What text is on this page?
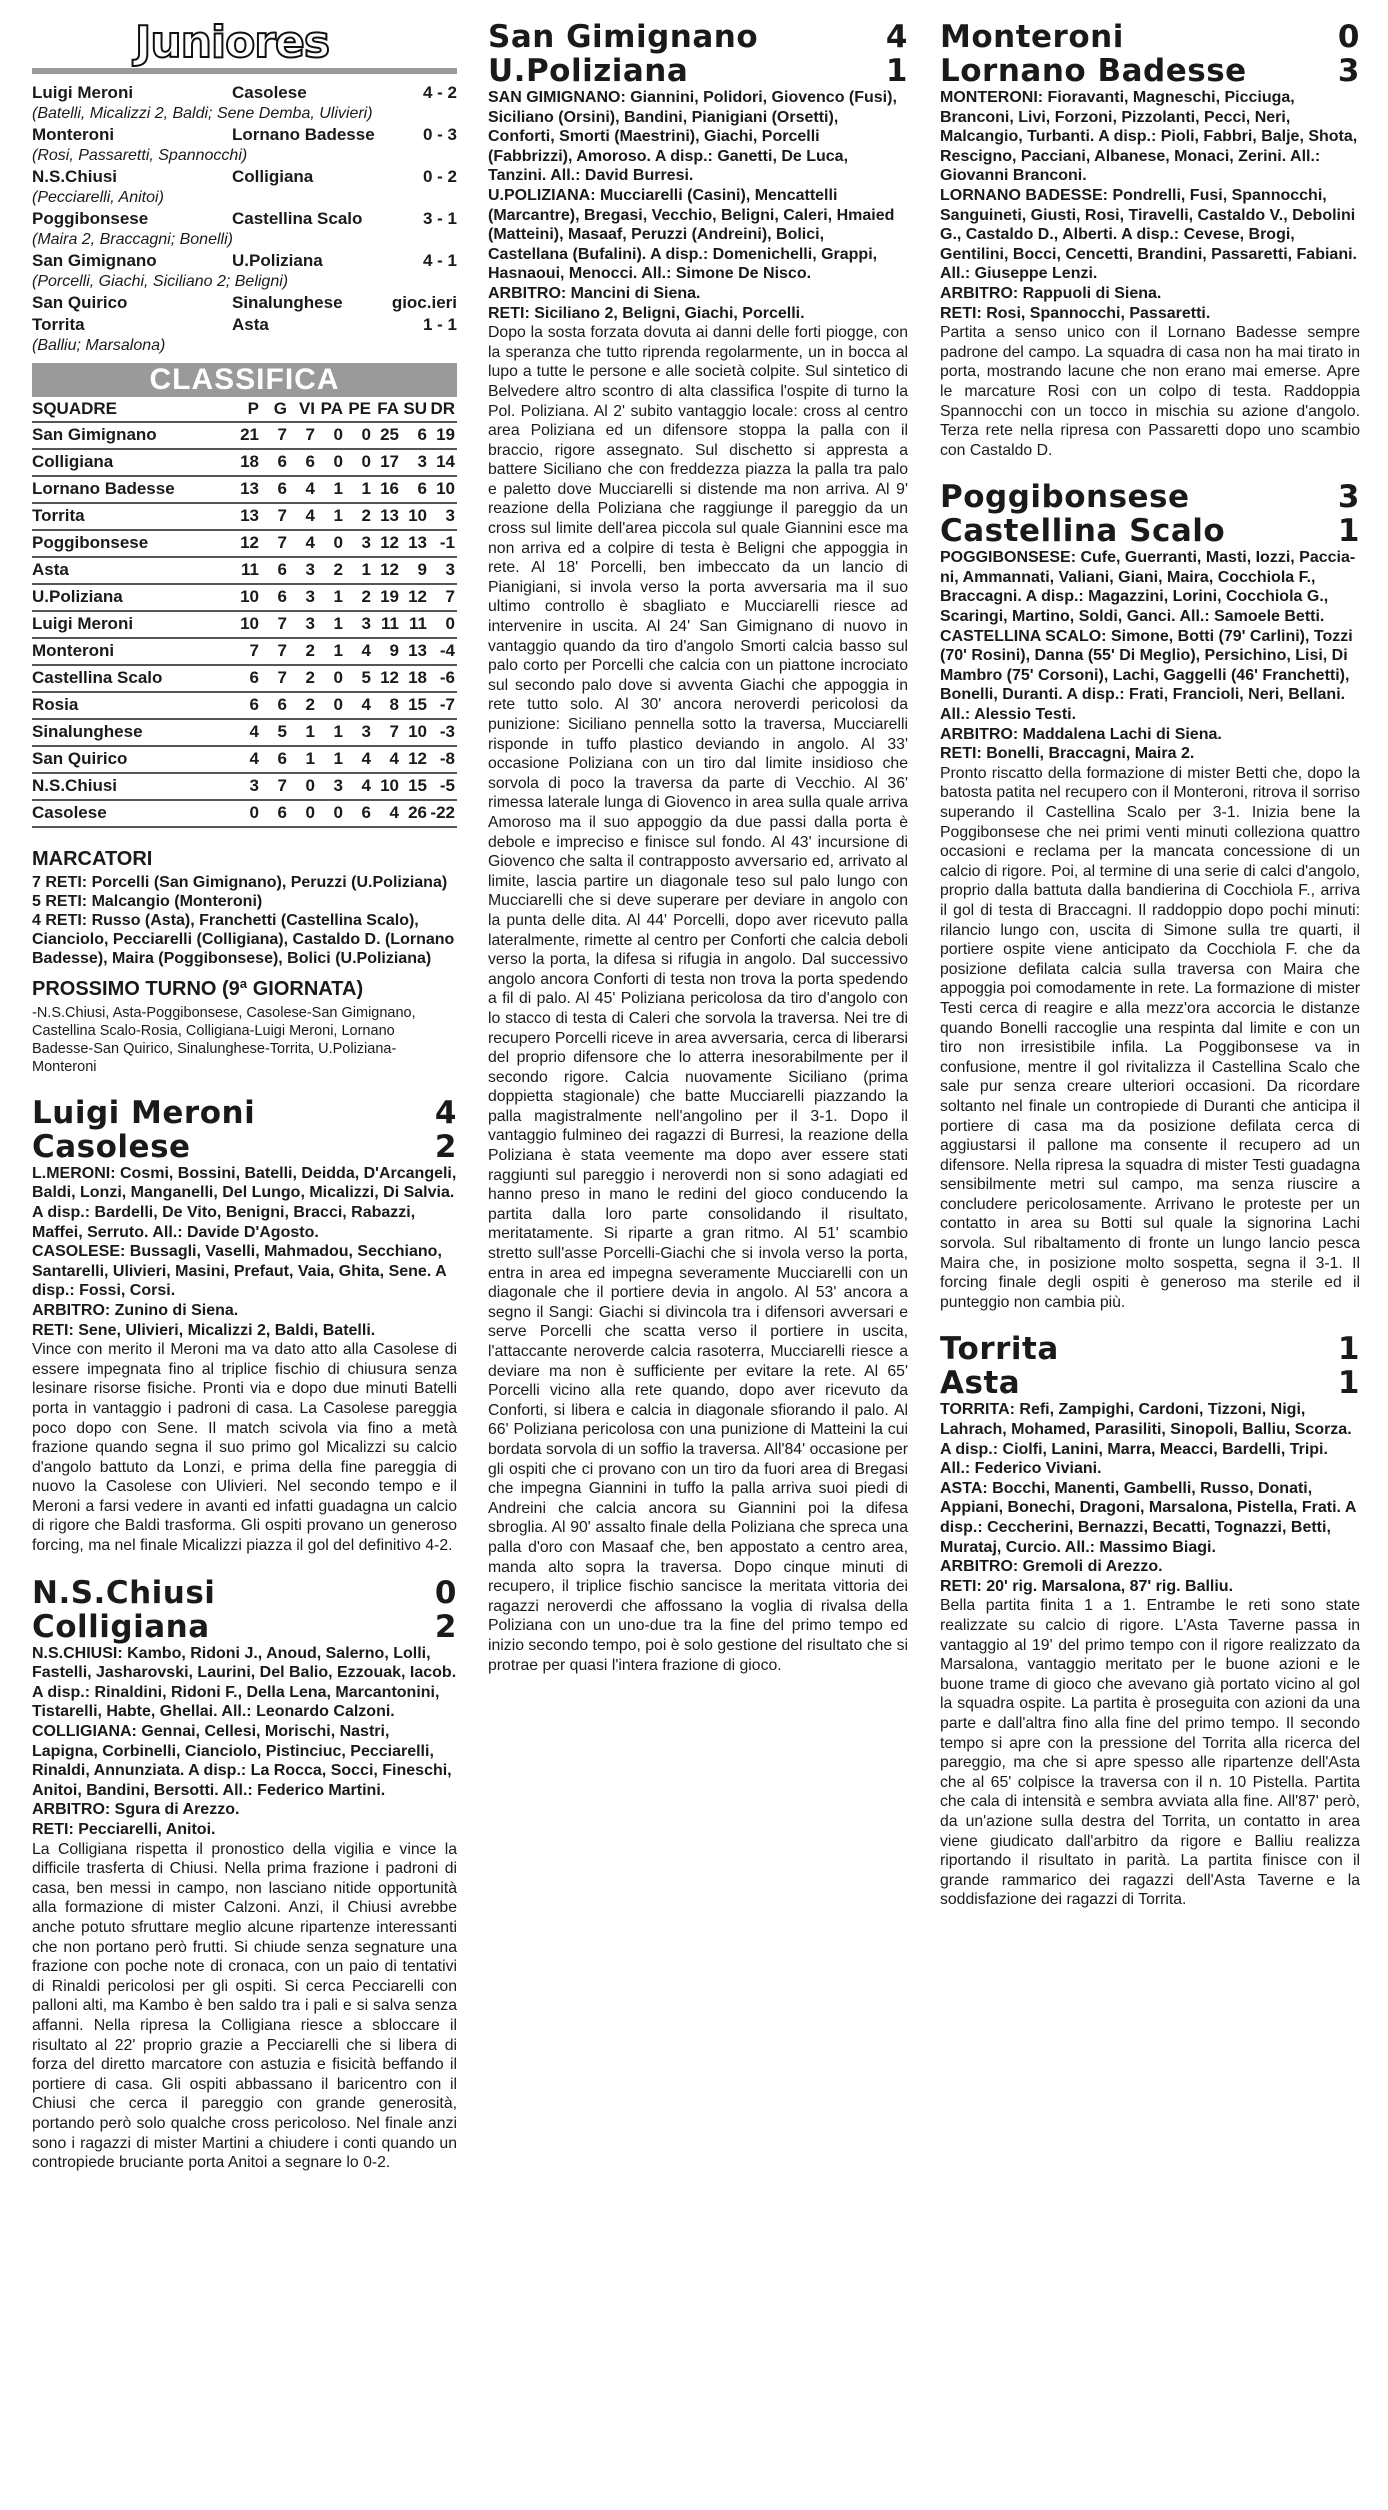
Juniores
Luigi Meroni	Casolese	4 - 2
(Batelli, Micalizzi 2, Baldi; Sene Demba, Ulivieri)
Monteroni	Lornano Badesse	0 - 3
(Rosi, Passaretti, Spannocchi)
N.S.Chiusi	Colligiana	0 - 2
(Pecciarelli, Anitoi)
Poggibonsese	Castellina Scalo	3 - 1
(Maira 2, Braccagni; Bonelli)
San Gimignano	U.Poliziana	4 - 1
(Porcelli, Giachi, Siciliano 2; Beligni)
San Quirico	Sinalunghese	gioc.ieri
Torrita	Asta	1 - 1
(Balliu; Marsalona)
CLASSIFICA
SQUADRE	P	G	VI	PA	PE	FA	SU	DR
San Gimignano	21	7	7	0	0	25	6	19
Colligiana	18	6	6	0	0	17	3	14
Lornano Badesse	13	6	4	1	1	16	6	10
Torrita	13	7	4	1	2	13	10	3
Poggibonsese	12	7	4	0	3	12	13	-1
Asta	11	6	3	2	1	12	9	3
U.Poliziana	10	6	3	1	2	19	12	7
Luigi Meroni	10	7	3	1	3	11	11	0
Monteroni	7	7	2	1	4	9	13	-4
Castellina Scalo	6	7	2	0	5	12	18	-6
Rosia	6	6	2	0	4	8	15	-7
Sinalunghese	4	5	1	1	3	7	10	-3
San Quirico	4	6	1	1	4	4	12	-8
N.S.Chiusi	3	7	0	3	4	10	15	-5
Casolese	0	6	0	0	6	4	26	-22
MARCATORI
7 RETI: Porcelli (San Gimignano), Peruzzi (U.Poliziana)
5 RETI: Malcangio (Monteroni)
4 RETI: Russo (Asta), Franchetti (Castellina Scalo), Cianciolo, Pecciarelli (Colligiana), Castaldo D. (Lornano Badesse), Maira (Poggibonsese), Bolici (U.Poliziana)
PROSSIMO TURNO (9ª GIORNATA)
-N.S.Chiusi, Asta-Poggibonsese, Casolese-San Gimignano, Castellina Scalo-Rosia, Colligiana-Luigi Meroni, Lornano Badesse-San Quirico, Sinalunghese-Torrita, U.Poliziana-Monteroni
Luigi Meroni	4
Casolese	2
L.MERONI: Cosmi, Bossini, Batelli, Deidda, D'Arcangeli, Baldi, Lonzi, Manganelli, Del Lungo, Micalizzi, Di Salvia. A disp.: Bardelli, De Vito, Benigni, Bracci, Rabazzi, Maffei, Serruto. All.: Davide D'Agosto.
CASOLESE: Bussagli, Vaselli, Mahmadou, Secchiano, Santarelli, Ulivieri, Masini, Prefaut, Vaia, Ghita, Sene. A disp.: Fossi, Corsi.
ARBITRO: Zunino di Siena.
RETI: Sene, Ulivieri, Micalizzi 2, Baldi, Batelli.
Vince con merito il Meroni ma va dato atto alla Casolese di essere impegnata fino al triplice fischio di chiusura senza lesinare risorse fisiche. Pronti via e dopo due minuti Batelli porta in vantaggio i padroni di casa. La Casolese pareggia poco dopo con Sene. Il match scivola via fino a metà frazione quando segna il suo primo gol Micalizzi su calcio d'angolo battuto da Lonzi, e prima della fine pareggia di nuovo la Casolese con Ulivieri. Nel secondo tempo e il Meroni a farsi vedere in avanti ed infatti guadagna un calcio di rigore che Baldi trasforma. Gli ospiti provano un generoso forcing, ma nel finale Micalizzi piazza il gol del definitivo 4-2.
N.S.Chiusi	0
Colligiana	2
N.S.CHIUSI: Kambo, Ridoni J., Anoud, Salerno, Lolli, Fastelli, Jasharovski, Laurini, Del Balio, Ezzouak, Iacob. A disp.: Rinaldini, Ridoni F., Della Lena, Marcantonini, Tistarelli, Habte, Ghellai. All.: Leonardo Calzoni.
COLLIGIANA: Gennai, Cellesi, Morischi, Nastri, Lapigna, Corbinelli, Cianciolo, Pistinciuc, Pecciarelli, Rinaldi, Annunziata. A disp.: La Rocca, Socci, Fineschi, Anitoi, Bandini, Bersotti. All.: Federico Martini.
ARBITRO: Sgura di Arezzo.
RETI: Pecciarelli, Anitoi.
La Colligiana rispetta il pronostico della vigilia e vince la difficile trasferta di Chiusi. Nella prima frazione i padroni di casa, ben messi in campo, non lasciano nitide opportunità alla formazione di mister Calzoni. Anzi, il Chiusi avrebbe anche potuto sfruttare meglio alcune ripartenze interessanti che non portano però frutti. Si chiude senza segnature una frazione con poche note di cronaca, con un paio di tentativi di Rinaldi pericolosi per gli ospiti. Si cerca Pecciarelli con palloni alti, ma Kambo è ben saldo tra i pali e si salva senza affanni. Nella ripresa la Colligiana riesce a sbloccare il risultato al 22' proprio grazie a Pecciarelli che si libera di forza del diretto marcatore con astuzia e fisicità beffando il portiere di casa. Gli ospiti abbassano il baricentro con il Chiusi che cerca il pareggio con grande generosità, portando però solo qualche cross pericoloso. Nel finale anzi sono i ragazzi di mister Martini a chiudere i conti quando un contropiede bruciante porta Anitoi a segnare lo 0-2.
San Gimignano	4
U.Poliziana	1
SAN GIMIGNANO: Giannini, Polidori, Giovenco (Fusi), Siciliano (Orsini), Bandini, Pianigiani (Orsetti), Conforti, Smorti (Maestrini), Giachi, Porcelli (Fabbrizzi), Amoroso. A disp.: Ganetti, De Luca, Tanzini. All.: David Burresi.
U.POLIZIANA: Mucciarelli (Casini), Mencattelli (Marcantre), Bregasi, Vecchio, Beligni, Caleri, Hmaied (Matteini), Masaaf, Peruzzi (Andreini), Bolici, Castellana (Bufalini). A disp.: Domenichelli, Grappi, Hasnaoui, Menocci. All.: Simone De Nisco.
ARBITRO: Mancini di Siena.
RETI: Siciliano 2, Beligni, Giachi, Porcelli.
Dopo la sosta forzata dovuta ai danni delle forti piogge, con la speranza che tutto riprenda regolarmente, un in bocca al lupo a tutte le persone e alle società colpite. Sul sintetico di Belvedere altro scontro di alta classifica l'ospite di turno la Pol. Poliziana. Al 2' subito vantaggio locale: cross al centro area Poliziana ed un difensore stoppa la palla con il braccio, rigore assegnato. Sul dischetto si appresta a battere Siciliano che con freddezza piazza la palla tra palo e paletto dove Mucciarelli si distende ma non arriva. Al 9' reazione della Poliziana che raggiunge il pareggio da un cross sul limite dell'area piccola sul quale Giannini esce ma non arriva ed a colpire di testa è Beligni che appoggia in rete. Al 18' Porcelli, ben imbeccato da un lancio di Pianigiani, si invola verso la porta avversaria ma il suo ultimo controllo è sbagliato e Mucciarelli riesce ad intervenire in uscita. Al 24' San Gimignano di nuovo in vantaggio quando da tiro d'angolo Smorti calcia basso sul palo corto per Porcelli che calcia con un piattone incrociato sul secondo palo dove si avventa Giachi che appoggia in rete tutto solo. Al 30' ancora neroverdi pericolosi da punizione: Siciliano pennella sotto la traversa, Mucciarelli risponde in tuffo plastico deviando in angolo. Al 33' occasione Poliziana con un tiro dal limite insidioso che sorvola di poco la traversa da parte di Vecchio. Al 36' rimessa laterale lunga di Giovenco in area sulla quale arriva Amoroso ma il suo appoggio da due passi dalla porta è debole e impreciso e finisce sul fondo. Al 43' incursione di Giovenco che salta il contrapposto avversario ed, arrivato al limite, lascia partire un diagonale teso sul palo lungo con Mucciarelli che si deve superare per deviare in angolo con la punta delle dita. Al 44' Porcelli, dopo aver ricevuto palla lateralmente, rimette al centro per Conforti che calcia deboli verso la porta, la difesa si rifugia in angolo. Dal successivo angolo ancora Conforti di testa non trova la porta spedendo a fil di palo. Al 45' Poliziana pericolosa da tiro d'angolo con lo stacco di testa di Caleri che sorvola la traversa. Nei tre di recupero Porcelli riceve in area avversaria, cerca di liberarsi del proprio difensore che lo atterra inesorabilmente per il secondo rigore. Calcia nuovamente Siciliano (prima doppietta stagionale) che batte Mucciarelli piazzando la palla magistralmente nell'angolino per il 3-1. Dopo il vantaggio fulmineo dei ragazzi di Burresi, la reazione della Poliziana è stata veemente ma dopo aver essere stati raggiunti sul pareggio i neroverdi non si sono adagiati ed hanno preso in mano le redini del gioco conducendo la partita dalla loro parte consolidando il risultato, meritatamente. Si riparte a gran ritmo. Al 51' scambio stretto sull'asse Porcelli-Giachi che si invola verso la porta, entra in area ed impegna severamente Mucciarelli con un diagonale che il portiere devia in angolo. Al 53' ancora a segno il Sangi: Giachi si divincola tra i difensori avversari e serve Porcelli che scatta verso il portiere in uscita, l'attaccante neroverde calcia rasoterra, Mucciarelli riesce a deviare ma non è sufficiente per evitare la rete. Al 65' Porcelli vicino alla rete quando, dopo aver ricevuto da Conforti, si libera e calcia in diagonale sfiorando il palo. Al 66' Poliziana pericolosa con una punizione di Matteini la cui bordata sorvola di un soffio la traversa. All'84' occasione per gli ospiti che ci provano con un tiro da fuori area di Bregasi che impegna Giannini in tuffo la palla arriva suoi piedi di Andreini che calcia ancora su Giannini poi la difesa sbroglia. Al 90' assalto finale della Poliziana che spreca una palla d'oro con Masaaf che, ben appostato a centro area, manda alto sopra la traversa. Dopo cinque minuti di recupero, il triplice fischio sancisce la meritata vittoria dei ragazzi neroverdi che affossano la voglia di rivalsa della Poliziana con un uno-due tra la fine del primo tempo ed inizio secondo tempo, poi è solo gestione del risultato che si protrae per quasi l'intera frazione di gioco.
Monteroni	0
Lornano Badesse	3
MONTERONI: Fioravanti, Magneschi, Picciuga, Branconi, Livi, Forzoni, Pizzolanti, Pecci, Neri, Malcangio, Turbanti. A disp.: Pioli, Fabbri, Balje, Shota, Rescigno, Pacciani, Albanese, Monaci, Zerini. All.: Giovanni Branconi.
LORNANO BADESSE: Pondrelli, Fusi, Spannocchi, Sanguineti, Giusti, Rosi, Tiravelli, Castaldo V., Debolini G., Castaldo D., Alberti. A disp.: Cevese, Brogi, Gentilini, Bocci, Cencetti, Brandini, Passaretti, Fabiani. All.: Giuseppe Lenzi.
ARBITRO: Rappuoli di Siena.
RETI: Rosi, Spannocchi, Passaretti.
Partita a senso unico con il Lornano Badesse sempre padrone del campo. La squadra di casa non ha mai tirato in porta, mostrando lacune che non erano mai emerse. Apre le marcature Rosi con un colpo di testa. Raddoppia Spannocchi con un tocco in mischia su azione d'angolo. Terza rete nella ripresa con Passaretti dopo uno scambio con Castaldo D.
Poggibonsese	3
Castellina Scalo	1
POGGIBONSESE: Cufe, Guerranti, Masti, Iozzi, Paccia-ni, Ammannati, Valiani, Giani, Maira, Cocchiola F., Braccagni. A disp.: Magazzini, Lorini, Cocchiola G., Scaringi, Martino, Soldi, Ganci. All.: Samoele Betti.
CASTELLINA SCALO: Simone, Botti (79' Carlini), Tozzi (70' Rosini), Danna (55' Di Meglio), Persichino, Lisi, Di Mambro (75' Corsoni), Lachi, Gaggelli (46' Franchetti), Bonelli, Duranti. A disp.: Frati, Francioli, Neri, Bellani. All.: Alessio Testi.
ARBITRO: Maddalena Lachi di Siena.
RETI: Bonelli, Braccagni, Maira 2.
Pronto riscatto della formazione di mister Betti che, dopo la batosta patita nel recupero con il Monteroni, ritrova il sorriso superando il Castellina Scalo per 3-1. Inizia bene la Poggibonsese che nei primi venti minuti colleziona quattro occasioni e reclama per la mancata concessione di un calcio di rigore. Poi, al termine di una serie di calci d'angolo, proprio dalla battuta dalla bandierina di Cocchiola F., arriva il gol di testa di Braccagni. Il raddoppio dopo pochi minuti: rilancio lungo con, uscita di Simone sulla tre quarti, il portiere ospite viene anticipato da Cocchiola F. che da posizione defilata calcia sulla traversa con Maira che appoggia poi comodamente in rete. La formazione di mister Testi cerca di reagire e alla mezz'ora accorcia le distanze quando Bonelli raccoglie una respinta dal limite e con un tiro non irresistibile infila. La Poggibonsese va in confusione, mentre il gol rivitalizza il Castellina Scalo che sale pur senza creare ulteriori occasioni. Da ricordare soltanto nel finale un contropiede di Duranti che anticipa il portiere di casa ma da posizione defilata cerca di aggiustarsi il pallone ma consente il recupero ad un difensore. Nella ripresa la squadra di mister Testi guadagna sensibilmente metri sul campo, ma senza riuscire a concludere pericolosamente. Arrivano le proteste per un contatto in area su Botti sul quale la signorina Lachi sorvola. Sul ribaltamento di fronte un lungo lancio pesca Maira che, in posizione molto sospetta, segna il 3-1. Il forcing finale degli ospiti è generoso ma sterile ed il punteggio non cambia più.
Torrita	1
Asta	1
TORRITA: Refi, Zampighi, Cardoni, Tizzoni, Nigi, Lahrach, Mohamed, Parasiliti, Sinopoli, Balliu, Scorza. A disp.: Ciolfi, Lanini, Marra, Meacci, Bardelli, Tripi. All.: Federico Viviani.
ASTA: Bocchi, Manenti, Gambelli, Russo, Donati, Appiani, Bonechi, Dragoni, Marsalona, Pistella, Frati. A disp.: Ceccherini, Bernazzi, Becatti, Tognazzi, Betti, Murataj, Curcio. All.: Massimo Biagi.
ARBITRO: Gremoli di Arezzo.
RETI: 20' rig. Marsalona, 87' rig. Balliu.
Bella partita finita 1 a 1. Entrambe le reti sono state realizzate su calcio di rigore. L'Asta Taverne passa in vantaggio al 19' del primo tempo con il rigore realizzato da Marsalona, vantaggio meritato per le buone azioni e le buone trame di gioco che avevano già portato vicino al gol la squadra ospite. La partita è proseguita con azioni da una parte e dall'altra fino alla fine del primo tempo. Il secondo tempo si apre con la pressione del Torrita alla ricerca del pareggio, ma che si apre spesso alle ripartenze dell'Asta che al 65' colpisce la traversa con il n. 10 Pistella. Partita che cala di intensità e sembra avviata alla fine. All'87' però, da un'azione sulla destra del Torrita, un contatto in area viene giudicato dall'arbitro da rigore e Balliu realizza riportando il risultato in parità. La partita finisce con il grande rammarico dei ragazzi dell'Asta Taverne e la soddisfazione dei ragazzi di Torrita.
